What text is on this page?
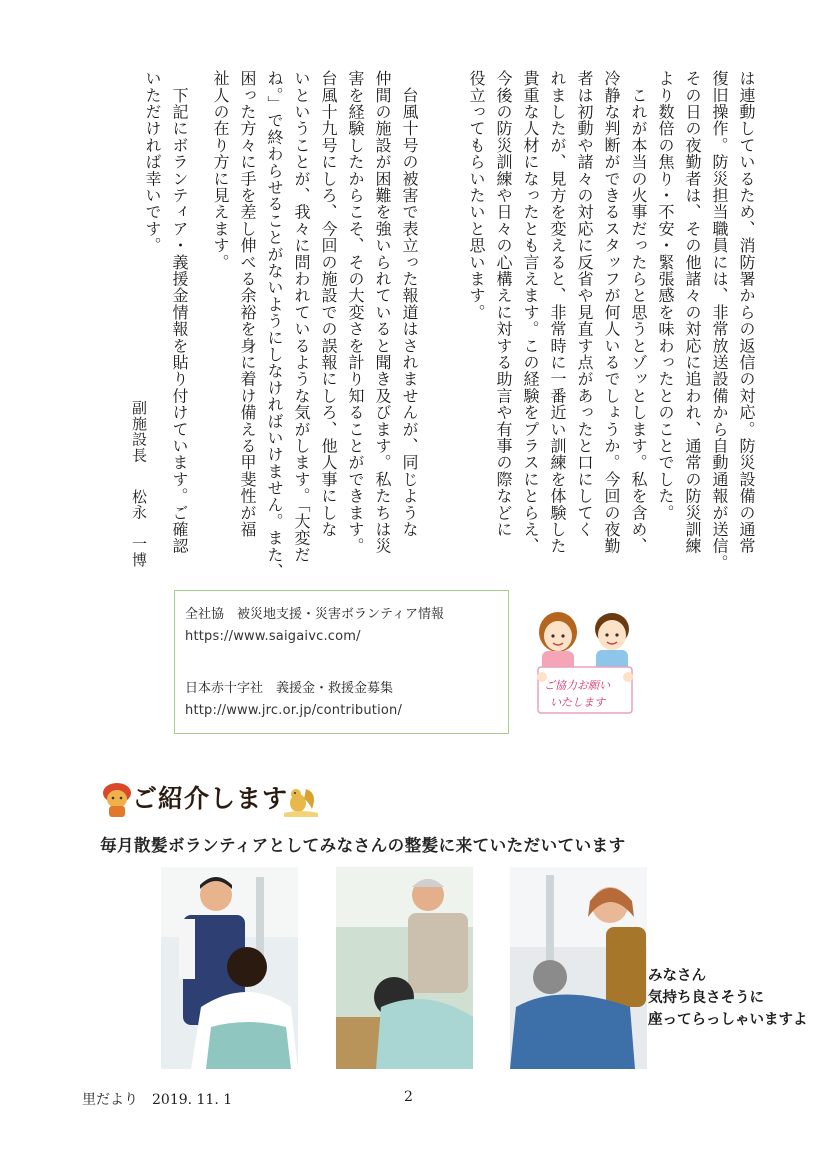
は連動しているため、消防署からの返信の対応。防災設備の通常
復旧操作。防災担当職員には、非常放送設備から自動通報が送信。
その日の夜勤者は、その他諸々の対応に追われ、通常の防災訓練
より数倍の焦り・不安・緊張感を味わったとのことでした。

　これが本当の火事だったらと思うとゾッとします。私を含め、
冷静な判断ができるスタッフが何人いるでしょうか。今回の夜勤
者は初動や諸々の対応に反省や見直す点があったと口にしてく
れましたが、見方を変えると、非常時に一番近い訓練を体験した
貴重な人材になったとも言えます。この経験をプラスにとらえ、
今後の防災訓練や日々の心構えに対する助言や有事の際などに
役立ってもらいたいと思います。

　台風十号の被害で表立った報道はされませんが、同じような
仲間の施設が困難を強いられていると聞き及びます。私たちは災
害を経験したからこそ、その大変さを計り知ることができます。
台風十九号にしろ、今回の施設での誤報にしろ、他人事にしな
いということが、我々に問われているような気がします。「大変だ
ね。」で終わらせることがないようにしなければいけません。また、
困った方々に手を差し伸べる余裕を身に着け備える甲斐性が福
祉人の在り方に見えます。

　下記にボランティア・義援金情報を貼り付けています。ご確認
いただければ幸いです。

副施設長松永　一博
全社協　被災地支援・災害ボランティア情報
https://www.saigaivc.com/
日本赤十字社　義援金・救援金募集
http://www.jrc.or.jp/contribution/
ご協力お願い
いたします
ご紹介します
毎月散髪ボランティアとしてみなさんの整髪に来ていただいています
みなさん
気持ち良さそうに
座ってらっしゃいますよ
里だより　2019. 11. 1	2
